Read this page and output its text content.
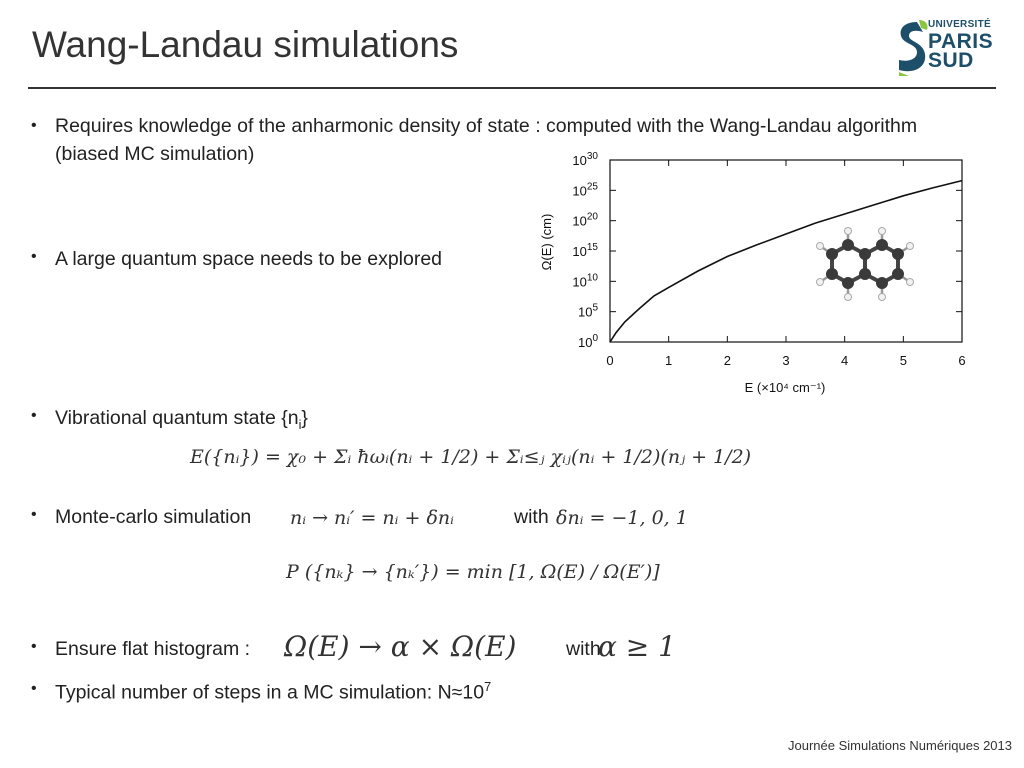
Wang-Landau simulations	UNIVERSITÉ
PARIS
SUD
• Requires knowledge of the anharmonic density of state : computed with the Wang-Landau algorithm (biased MC simulation)
• A large quantum space needs to be explored
$10^0$
$10^5$
$10^{10}$
$10^{15}$
$10^{20}$
$10^{25}$
$10^{30}$
0	1	2	3	4	5	6
Ω(E) (cm)
E (×10⁴ cm⁻¹)
• Vibrational quantum state $\{n_i\}$
E({nᵢ}) = χ₀ + Σᵢ ħωᵢ(nᵢ + 1/2) + Σᵢ≤ⱼ χᵢⱼ(nᵢ + 1/2)(nⱼ + 1/2)
• Monte-carlo simulation nᵢ → nᵢ′ = nᵢ + δnᵢ	with δnᵢ = −1, 0, 1
P ({nₖ} → {nₖ′}) = min [1, Ω(E) / Ω(E′)]
• Ensure flat histogram : Ω(E) → α × Ω(E)	with
α ≥ 1
• Typical number of steps in a MC simulation: $N\approx 10^7$
Journée Simulations Numériques 2013
